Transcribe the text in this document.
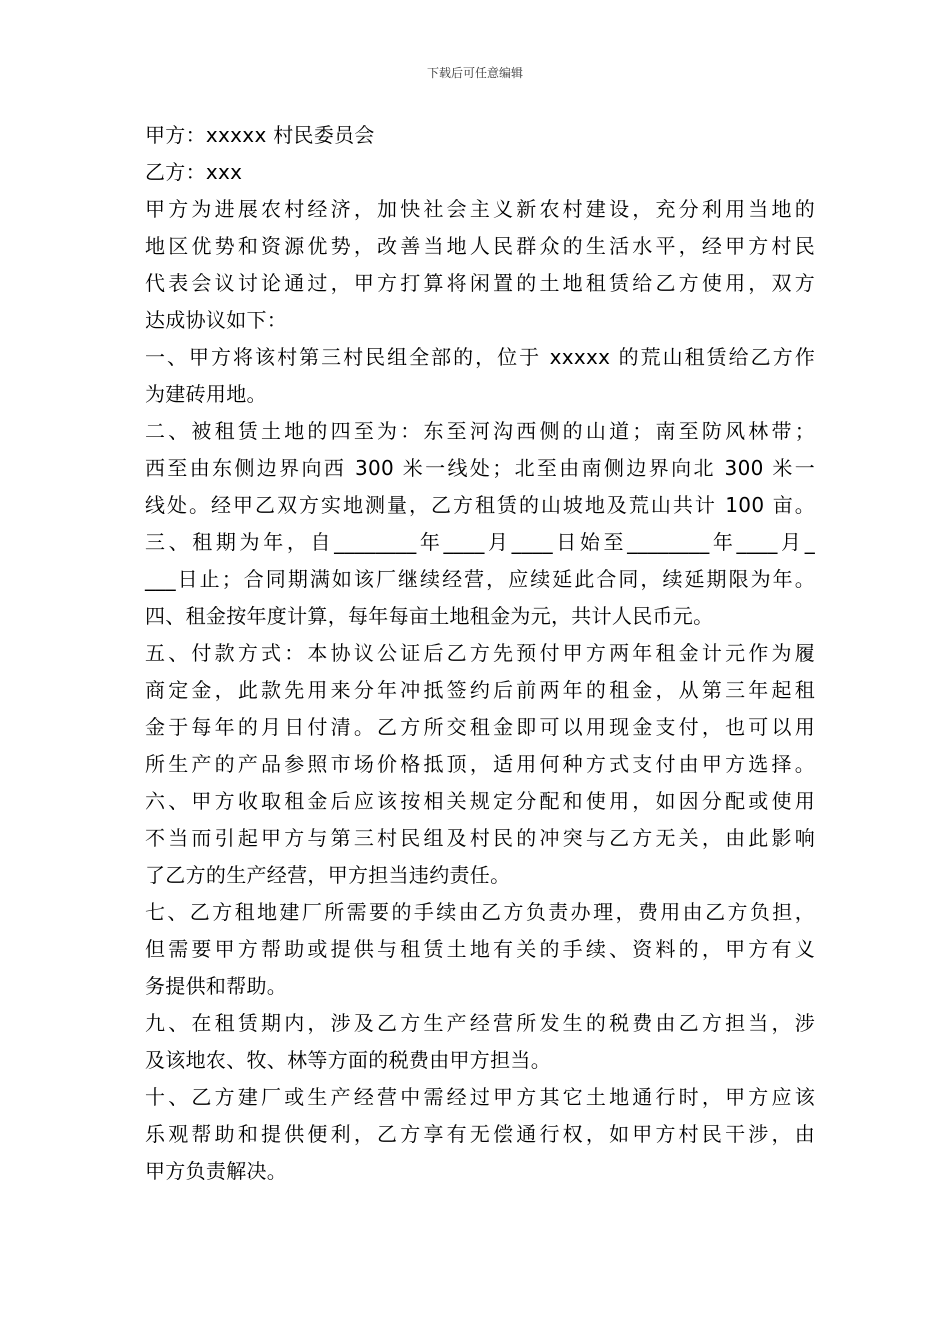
下载后可任意编辑
甲方：xxxxx 村民委员会
乙方：xxx
甲方为进展农村经济，加快社会主义新农村建设，充分利用当地的
地区优势和资源优势，改善当地人民群众的生活水平，经甲方村民
代表会议讨论通过，甲方打算将闲置的土地租赁给乙方使用，双方
达成协议如下：
一、甲方将该村第三村民组全部的，位于 xxxxx 的荒山租赁给乙方作
为建砖用地。
二、被租赁土地的四至为：东至河沟西侧的山道；南至防风林带；
西至由东侧边界向西 300 米一线处；北至由南侧边界向北 300 米一
线处。经甲乙双方实地测量，乙方租赁的山坡地及荒山共计 100 亩。
三、租期为年，自________年____月____日始至________年____月_
___日止；合同期满如该厂继续经营，应续延此合同，续延期限为年。
四、租金按年度计算，每年每亩土地租金为元，共计人民币元。
五、付款方式：本协议公证后乙方先预付甲方两年租金计元作为履
商定金，此款先用来分年冲抵签约后前两年的租金，从第三年起租
金于每年的月日付清。乙方所交租金即可以用现金支付，也可以用
所生产的产品参照市场价格抵顶，适用何种方式支付由甲方选择。
六、甲方收取租金后应该按相关规定分配和使用，如因分配或使用
不当而引起甲方与第三村民组及村民的冲突与乙方无关，由此影响
了乙方的生产经营，甲方担当违约责任。
七、乙方租地建厂所需要的手续由乙方负责办理，费用由乙方负担，
但需要甲方帮助或提供与租赁土地有关的手续、资料的，甲方有义
务提供和帮助。
九、在租赁期内，涉及乙方生产经营所发生的税费由乙方担当，涉
及该地农、牧、林等方面的税费由甲方担当。
十、乙方建厂或生产经营中需经过甲方其它土地通行时，甲方应该
乐观帮助和提供便利，乙方享有无偿通行权，如甲方村民干涉，由
甲方负责解决。
